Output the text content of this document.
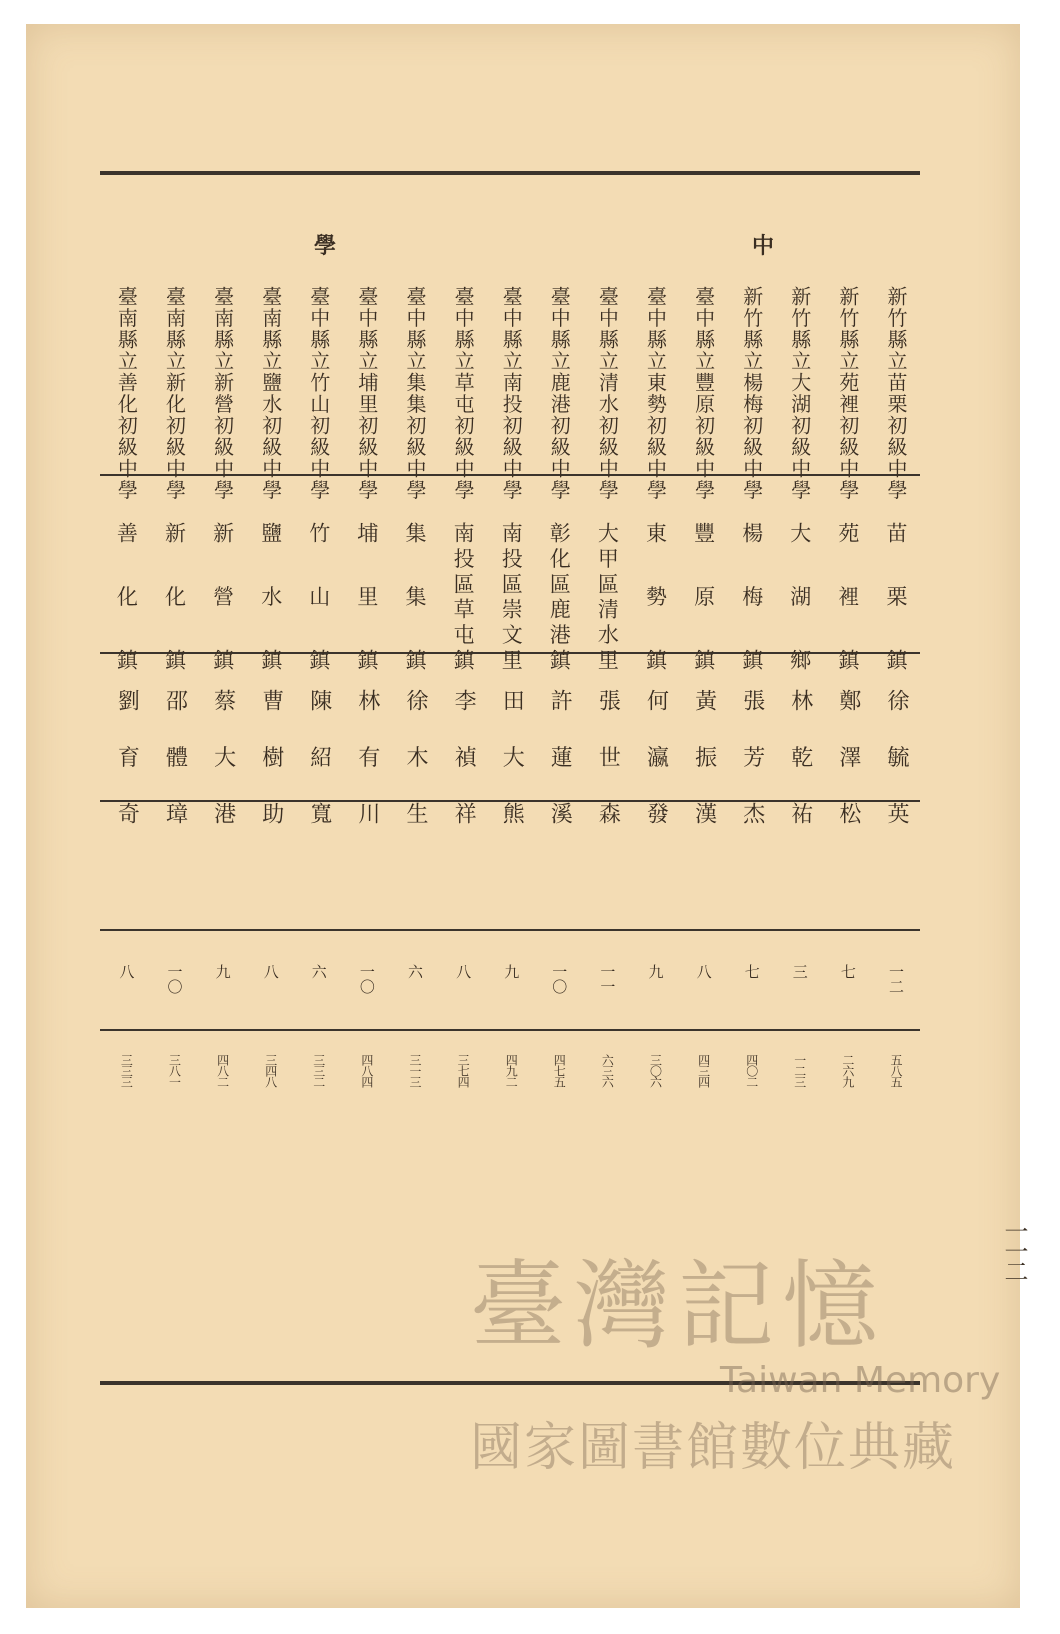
學	中
新竹縣立苗栗初級中學
苗栗鎮
徐毓英
一二
五八五
新竹縣立苑裡初級中學
苑裡鎮
鄭澤松
七
二六九
新竹縣立大湖初級中學
大湖鄉
林乾祐
三
一二三
新竹縣立楊梅初級中學
楊梅鎮
張芳杰
七
四〇二
臺中縣立豐原初級中學
豐原鎮
黃振漢
八
四三四
臺中縣立東勢初級中學
東勢鎮
何瀛發
九
三〇六
臺中縣立清水初級中學
大甲區清水里
張世森
一一
六三六
臺中縣立鹿港初級中學
彰化區鹿港鎮
許蓮溪
一〇
四七五
臺中縣立南投初級中學
南投區崇文里
田大熊
九
四九二
臺中縣立草屯初級中學
南投區草屯鎮
李禎祥
八
三七四
臺中縣立集集初級中學
集集鎮
徐木生
六
三一三
臺中縣立埔里初級中學
埔里鎮
林有川
一〇
四八四
臺中縣立竹山初級中學
竹山鎮
陳紹寬
六
三三二
臺南縣立鹽水初級中學
鹽水鎮
曹樹助
八
三四八
臺南縣立新營初級中學
新營鎮
蔡大港
九
四八二
臺南縣立新化初級中學
新化鎮
邵體璋
一〇
三八一
臺南縣立善化初級中學
善化鎮
劉育奇
八
三三三
一一二
臺灣記憶
Taiwan Memory
國家圖書館數位典藏
